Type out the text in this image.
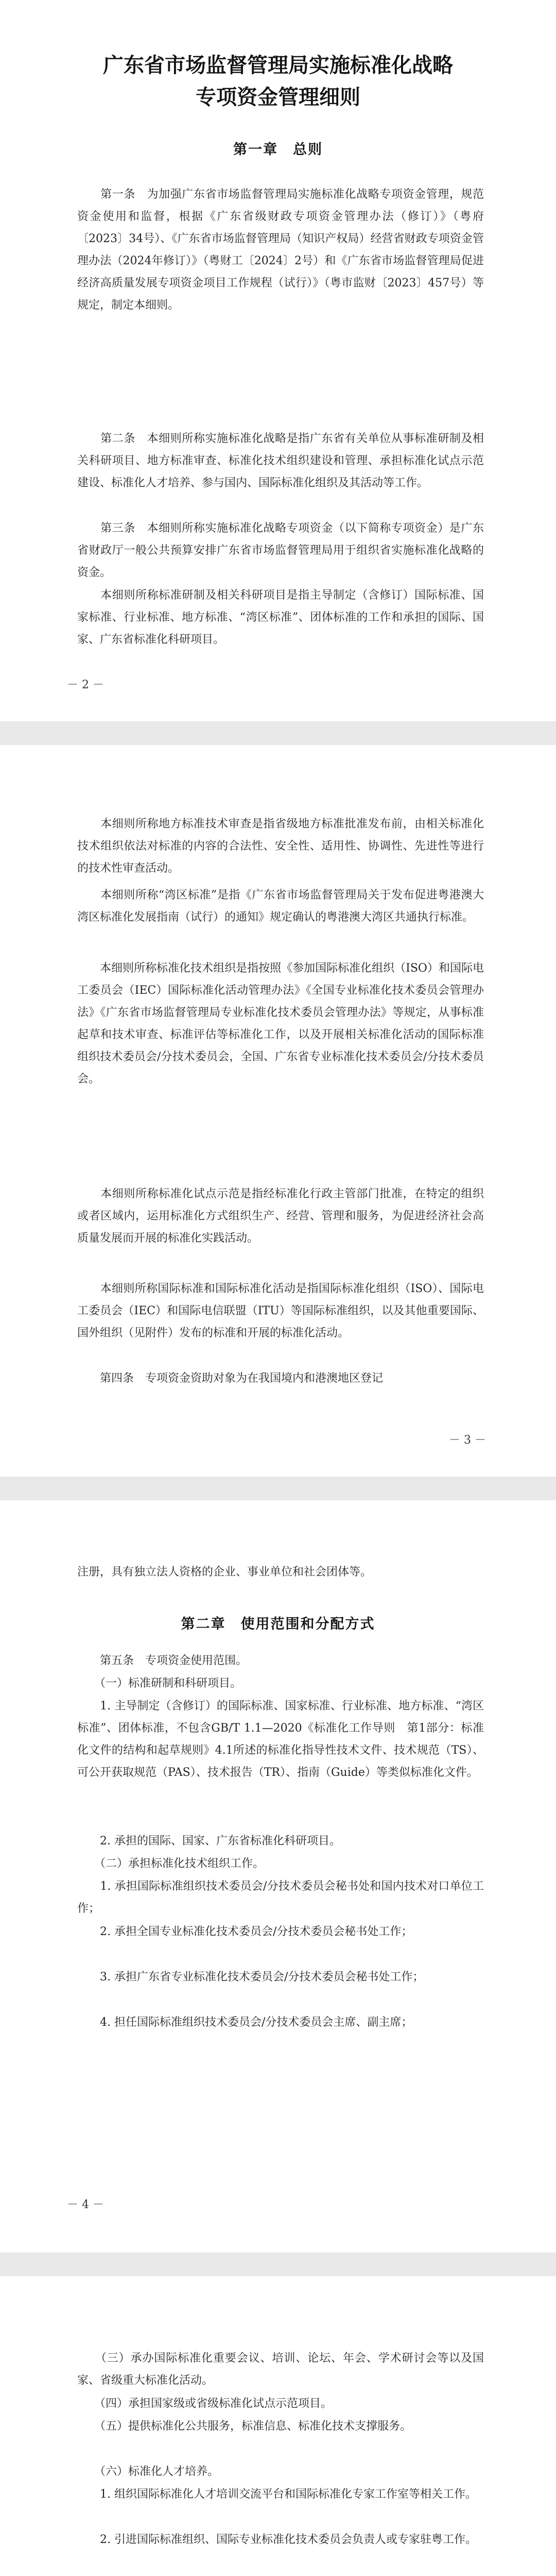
广东省市场监督管理局实施标准化战略
专项资金管理细则
第一章　总则

　　第一条　为加强广东省市场监督管理局实施标准化战略专项资金管理，规范资金使用和监督，根据《广东省级财政专项资金管理办法（修订）》（粤府〔2023〕34号）、《广东省市场监督管理局（知识产权局）经营省财政专项资金管理办法（2024年修订）》（粤财工〔2024〕2号）和《广东省市场监督管理局促进经济高质量发展专项资金项目工作规程（试行）》（粤市监财〔2023〕457号）等规定，制定本细则。

　　第二条　本细则所称实施标准化战略是指广东省有关单位从事标准研制及相关科研项目、地方标准审查、标准化技术组织建设和管理、承担标准化试点示范建设、标准化人才培养、参与国内、国际标准化组织及其活动等工作。

　　第三条　本细则所称实施标准化战略专项资金（以下简称专项资金）是广东省财政厅一般公共预算安排广东省市场监督管理局用于组织省实施标准化战略的资金。

　　本细则所称标准研制及相关科研项目是指主导制定（含修订）国际标准、国家标准、行业标准、地方标准、“湾区标准”、团体标准的工作和承担的国际、国家、广东省标准化科研项目。

－ 2 －

　　本细则所称地方标准技术审查是指省级地方标准批准发布前，由相关标准化技术组织依法对标准的内容的合法性、安全性、适用性、协调性、先进性等进行的技术性审查活动。

　　本细则所称“湾区标准”是指《广东省市场监督管理局关于发布促进粤港澳大湾区标准化发展指南（试行）的通知》规定确认的粤港澳大湾区共通执行标准。

　　本细则所称标准化技术组织是指按照《参加国际标准化组织（ISO）和国际电工委员会（IEC）国际标准化活动管理办法》《全国专业标准化技术委员会管理办法》《广东省市场监督管理局专业标准化技术委员会管理办法》等规定，从事标准起草和技术审查、标准评估等标准化工作，以及开展相关标准化活动的国际标准组织技术委员会/分技术委员会，全国、广东省专业标准化技术委员会/分技术委员会。

　　本细则所称标准化试点示范是指经标准化行政主管部门批准，在特定的组织或者区域内，运用标准化方式组织生产、经营、管理和服务，为促进经济社会高质量发展而开展的标准化实践活动。

　　本细则所称国际标准和国际标准化活动是指国际标准化组织（ISO）、国际电工委员会（IEC）和国际电信联盟（ITU）等国际标准组织，以及其他重要国际、国外组织（见附件）发布的标准和开展的标准化活动。

　　第四条　专项资金资助对象为在我国境内和港澳地区登记

－ 3 －

注册，具有独立法人资格的企业、事业单位和社会团体等。

第二章　使用范围和分配方式

　　第五条　专项资金使用范围。

　　（一）标准研制和科研项目。

　　1. 主导制定（含修订）的国际标准、国家标准、行业标准、地方标准、“湾区标准”、团体标准，不包含GB/T 1.1—2020《标准化工作导则　第1部分：标准化文件的结构和起草规则》4.1所述的标准化指导性技术文件、技术规范（TS）、可公开获取规范（PAS）、技术报告（TR）、指南（Guide）等类似标准化文件。

　　2. 承担的国际、国家、广东省标准化科研项目。

　　（二）承担标准化技术组织工作。

　　1. 承担国际标准组织技术委员会/分技术委员会秘书处和国内技术对口单位工作；

　　2. 承担全国专业标准化技术委员会/分技术委员会秘书处工作；

　　3. 承担广东省专业标准化技术委员会/分技术委员会秘书处工作；

　　4. 担任国际标准组织技术委员会/分技术委员会主席、副主席；

－ 4 －

　　（三）承办国际标准化重要会议、培训、论坛、年会、学术研讨会等以及国家、省级重大标准化活动。

　　（四）承担国家级或省级标准化试点示范项目。

　　（五）提供标准化公共服务，标准信息、标准化技术支撑服务。

　　（六）标准化人才培养。

　　1. 组织国际标准化人才培训交流平台和国际标准化专家工作室等相关工作。

　　2. 引进国际标准组织、国际专业标准化技术委员会负责人或专家驻粤工作。
